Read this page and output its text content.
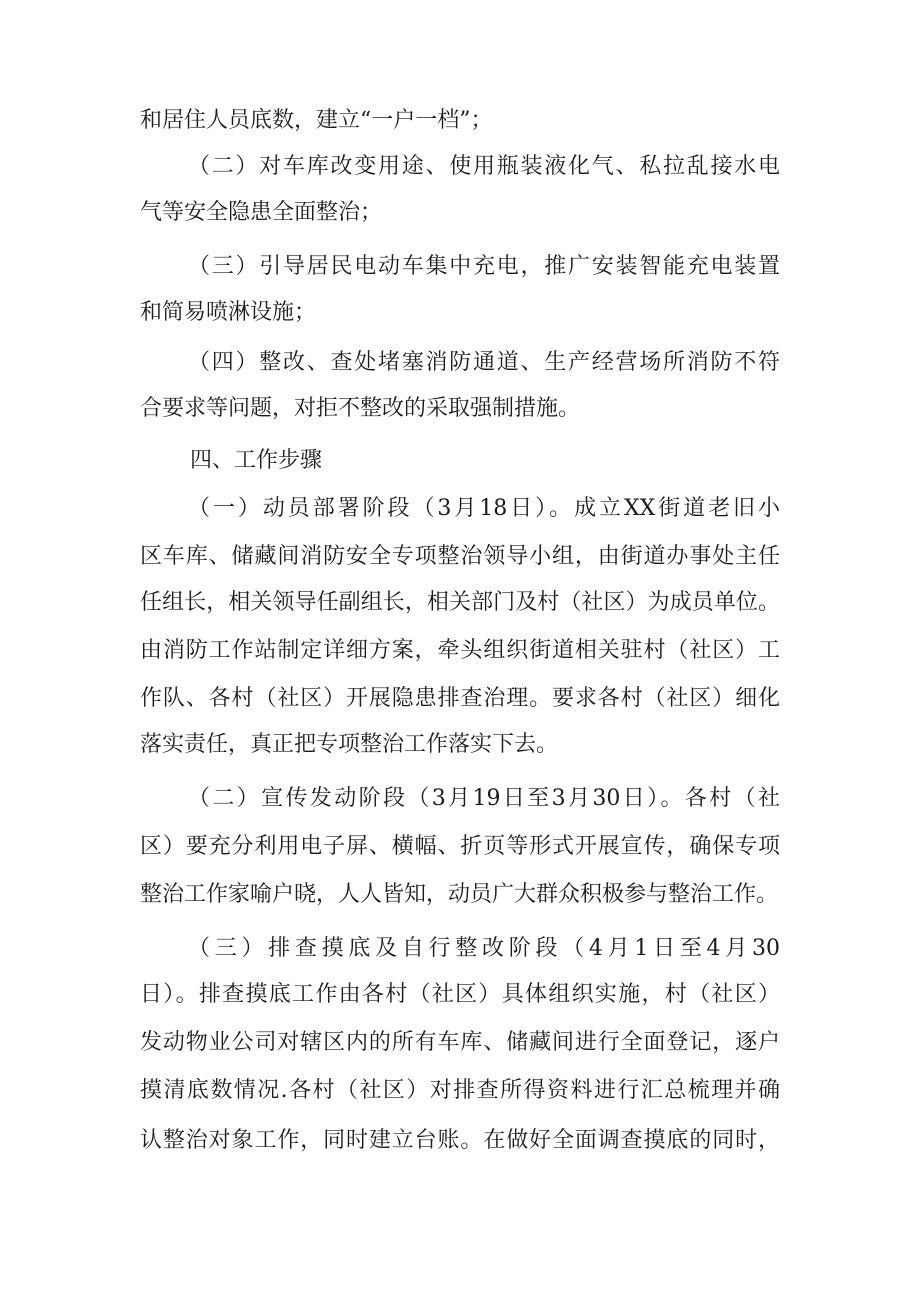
和居住人员底数，建立“一户一档”；
（二）对车库改变用途、使用瓶装液化气、私拉乱接水电
气等安全隐患全面整治；
（三）引导居民电动车集中充电，推广安装智能充电装置
和简易喷淋设施；
（四）整改、查处堵塞消防通道、生产经营场所消防不符
合要求等问题，对拒不整改的采取强制措施。
四、工作步骤
（一）动员部署阶段（3月18日）。成立XX街道老旧小
区车库、储藏间消防安全专项整治领导小组，由街道办事处主任
任组长，相关领导任副组长，相关部门及村（社区）为成员单位。
由消防工作站制定详细方案，牵头组织街道相关驻村（社区）工
作队、各村（社区）开展隐患排查治理。要求各村（社区）细化
落实责任，真正把专项整治工作落实下去。
（二）宣传发动阶段（3月19日至3月30日）。各村（社
区）要充分利用电子屏、横幅、折页等形式开展宣传，确保专项
整治工作家喻户晓，人人皆知，动员广大群众积极参与整治工作。
（三）排查摸底及自行整改阶段（4月1日至4月30
日）。排查摸底工作由各村（社区）具体组织实施，村（社区）
发动物业公司对辖区内的所有车库、储藏间进行全面登记，逐户
摸清底数情况.各村（社区）对排查所得资料进行汇总梳理并确
认整治对象工作，同时建立台账。在做好全面调查摸底的同时，
